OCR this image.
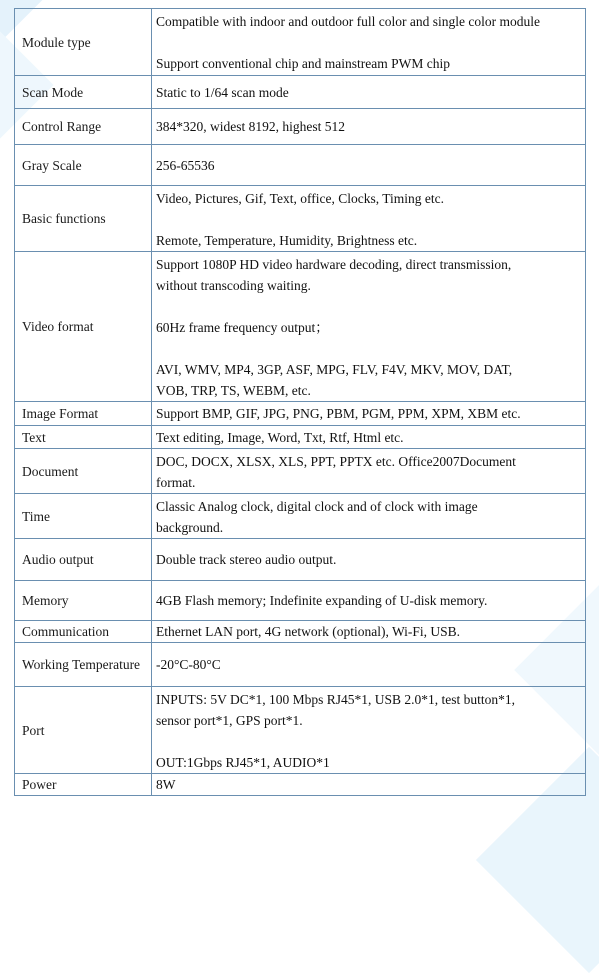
Module type	Compatible with indoor and outdoor full color and single color module
Support conventional chip and mainstream PWM chip

Scan Mode	Static to 1/64 scan mode

Control Range	384*320, widest 8192, highest 512

Gray Scale	256-65536

Basic functions	Video, Pictures, Gif, Text, office, Clocks, Timing etc.
Remote, Temperature, Humidity, Brightness etc.

Video format	Support 1080P HD video hardware decoding, direct transmission,
without transcoding waiting.
60Hz frame frequency output；
AVI, WMV, MP4, 3GP, ASF, MPG, FLV, F4V, MKV, MOV, DAT,
VOB, TRP, TS, WEBM, etc.

Image Format	Support BMP, GIF, JPG, PNG, PBM, PGM, PPM, XPM, XBM etc.

Text	Text editing, Image, Word, Txt, Rtf, Html etc.

Document	DOC, DOCX, XLSX, XLS, PPT, PPTX etc. Office2007Document
format.

Time	Classic Analog clock, digital clock and of clock with image
background.

Audio output	Double track stereo audio output.

Memory	4GB Flash memory; Indefinite expanding of U-disk memory.

Communication	Ethernet LAN port, 4G network (optional), Wi-Fi, USB.

Working Temperature	-20°C-80°C

Port	INPUTS: 5V DC*1, 100 Mbps RJ45*1, USB 2.0*1, test button*1,
sensor port*1, GPS port*1.
OUT:1Gbps RJ45*1, AUDIO*1

Power	8W
